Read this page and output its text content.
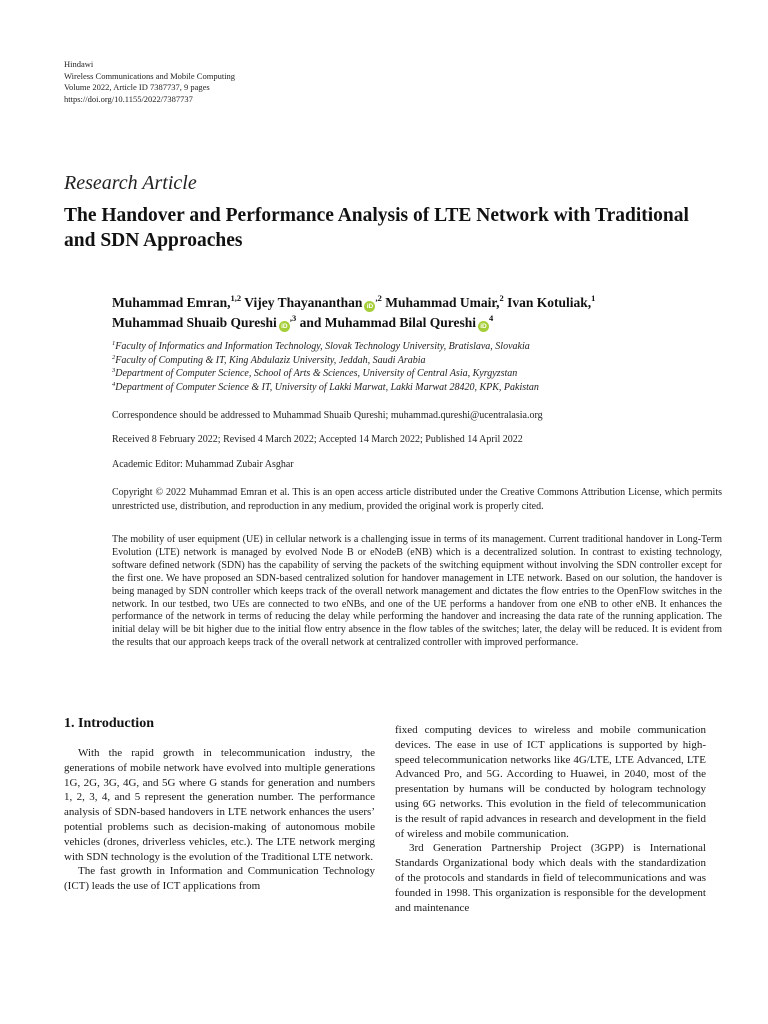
Hindawi
Wireless Communications and Mobile Computing
Volume 2022, Article ID 7387737, 9 pages
https://doi.org/10.1155/2022/7387737
Research Article
The Handover and Performance Analysis of LTE Network with Traditional and SDN Approaches
Muhammad Emran,$^{1,2}$ Vijey Thayananthan $iD^{,2}$ Muhammad Umair,$^2$ Ivan Kotuliak,$^1$
Muhammad Shuaib Qureshi $iD^{,3}$ and Muhammad Bilal Qureshi $iD^4$
$^1$Faculty of Informatics and Information Technology, Slovak Technology University, Bratislava, Slovakia
$^2$Faculty of Computing & IT, King Abdulaziz University, Jeddah, Saudi Arabia
$^3$Department of Computer Science, School of Arts & Sciences, University of Central Asia, Kyrgyzstan
$^4$Department of Computer Science & IT, University of Lakki Marwat, Lakki Marwat 28420, KPK, Pakistan
Correspondence should be addressed to Muhammad Shuaib Qureshi; muhammad.qureshi@ucentralasia.org
Received 8 February 2022; Revised 4 March 2022; Accepted 14 March 2022; Published 14 April 2022
Academic Editor: Muhammad Zubair Asghar
Copyright © 2022 Muhammad Emran et al. This is an open access article distributed under the Creative Commons Attribution License, which permits unrestricted use, distribution, and reproduction in any medium, provided the original work is properly cited.
The mobility of user equipment (UE) in cellular network is a challenging issue in terms of its management. Current traditional handover in Long-Term Evolution (LTE) network is managed by evolved Node B or eNodeB (eNB) which is a decentralized solution. In contrast to existing technology, software defined network (SDN) has the capability of serving the packets of the switching equipment without involving the SDN controller except for the first one. We have proposed an SDN-based centralized solution for handover management in LTE network. Based on our solution, the handover is being managed by SDN controller which keeps track of the overall network management and dictates the flow entries to the OpenFlow switches in the network. In our testbed, two UEs are connected to two eNBs, and one of the UE performs a handover from one eNB to other eNB. It enhances the performance of the network in terms of reducing the delay while performing the handover and increasing the data rate of the running application. The initial delay will be bit higher due to the initial flow entry absence in the flow tables of the switches; later, the delay will be reduced. It is evident from the results that our approach keeps track of the overall network at centralized controller with improved performance.
1. Introduction

With the rapid growth in telecommunication industry, the generations of mobile network have evolved into multiple generations 1G, 2G, 3G, 4G, and 5G where G stands for generation and numbers 1, 2, 3, 4, and 5 represent the generation number. The performance analysis of SDN-based handovers in LTE network enhances the users’ potential problems such as decision-making of autonomous mobile vehicles (drones, driverless vehicles, etc.). The LTE network merging with SDN technology is the evolution of the Traditional LTE network.

The fast growth in Information and Communication Technology (ICT) leads the use of ICT applications from

fixed computing devices to wireless and mobile communication devices. The ease in use of ICT applications is supported by high-speed telecommunication networks like 4G/LTE, LTE Advanced, LTE Advanced Pro, and 5G. According to Huawei, in 2040, most of the presentation by humans will be conducted by hologram technology using 6G networks. This evolution in the field of telecommunication is the result of rapid advances in research and development in the field of wireless and mobile communication.

3rd Generation Partnership Project (3GPP) is International Standards Organizational body which deals with the standardization of the protocols and standards in field of telecommunications and was founded in 1998. This organization is responsible for the development and maintenance
